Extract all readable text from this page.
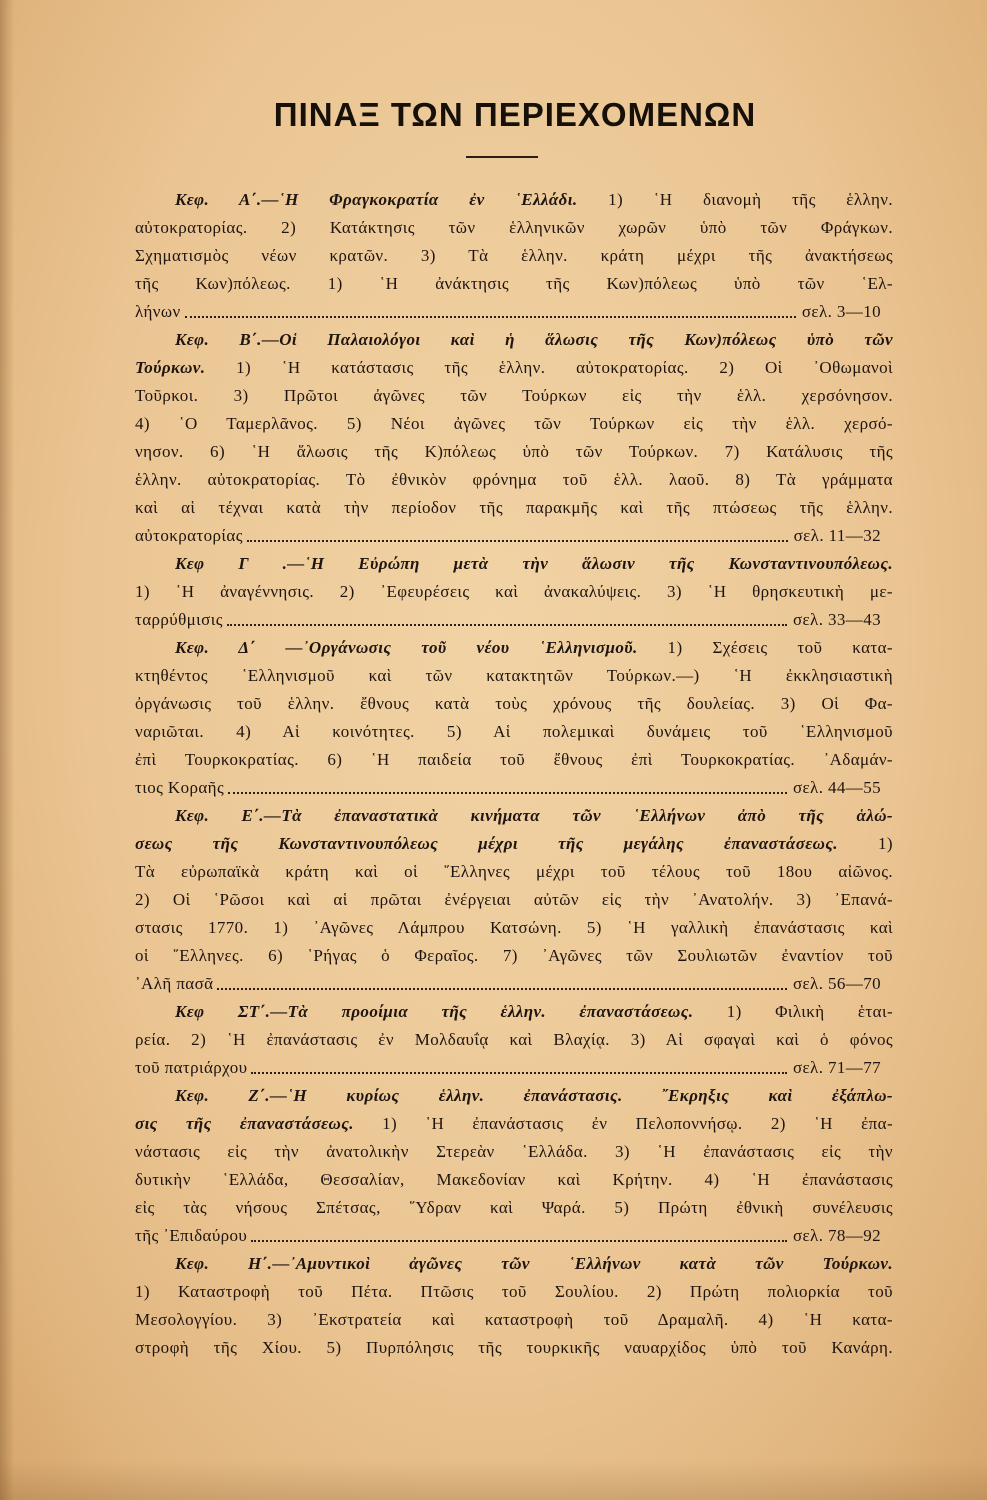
ΠΙΝΑΞ ΤΩΝ ΠΕΡΙΕΧΟΜΕΝΩΝ
Κεφ. Α΄.—῾Η Φραγκοκρατία ἐν ῾Ελλάδι. 1) ῾Η διανομὴ τῆς ἑλλην.
αὐτοκρατορίας. 2) Κατάκτησις τῶν ἑλληνικῶν χωρῶν ὑπὸ τῶν Φράγκων.
Σχηματισμὸς νέων κρατῶν. 3) Τὰ ἑλλην. κράτη μέχρι τῆς ἀνακτήσεως
τῆς Κων)πόλεως. 1) ῾Η ἀνάκτησις τῆς Κων)πόλεως ὑπὸ τῶν ῾Ελ-
λήνων	σελ. 3—10
Κεφ. Β΄.—Οἱ Παλαιολόγοι καὶ ἡ ἅλωσις τῆς Κων)πόλεως ὑπὸ τῶν
Τούρκων. 1) ῾Η κατάστασις τῆς ἑλλην. αὐτοκρατορίας. 2) Οἱ ᾿Οθωμανοὶ
Τοῦρκοι. 3) Πρῶτοι ἀγῶνες τῶν Τούρκων εἰς τὴν ἑλλ. χερσόνησον.
4) ῾Ο Ταμερλᾶνος. 5) Νέοι ἀγῶνες τῶν Τούρκων εἰς τὴν ἑλλ. χερσό-
νησον. 6) ῾Η ἅλωσις τῆς Κ)πόλεως ὑπὸ τῶν Τούρκων. 7) Κατάλυσις τῆς
ἑλλην. αὐτοκρατορίας. Τὸ ἐθνικὸν φρόνημα τοῦ ἑλλ. λαοῦ. 8) Τὰ γράμματα
καὶ αἱ τέχναι κατὰ τὴν περίοδον τῆς παρακμῆς καὶ τῆς πτώσεως τῆς ἑλλην.
αὐτοκρατορίας	σελ. 11—32
Κεφ Γ .—῾Η Εὐρώπη μετὰ τὴν ἅλωσιν τῆς Κωνσταντινουπόλεως.
1) ῾Η ἀναγέννησις. 2) ᾿Εφευρέσεις καὶ ἀνακαλύψεις. 3) ῾Η θρησκευτικὴ με-
ταρρύθμισις	σελ. 33—43
Κεφ. Δ΄ —᾿Οργάνωσις τοῦ νέου ῾Ελληνισμοῦ. 1) Σχέσεις τοῦ κατα-
κτηθέντος ῾Ελληνισμοῦ καὶ τῶν κατακτητῶν Τούρκων.—) ῾Η ἐκκλησιαστικὴ
ὀργάνωσις τοῦ ἑλλην. ἔθνους κατὰ τοὺς χρόνους τῆς δουλείας. 3) Οἱ Φα-
ναριῶται. 4) Αἱ κοινότητες. 5) Αἱ πολεμικαὶ δυνάμεις τοῦ ῾Ελληνισμοῦ
ἐπὶ Τουρκοκρατίας. 6) ῾Η παιδεία τοῦ ἔθνους ἐπὶ Τουρκοκρατίας. ᾿Αδαμάν-
τιος Κοραῆς	σελ. 44—55
Κεφ. Ε΄.—Τὰ ἐπαναστατικὰ κινήματα τῶν ῾Ελλήνων ἀπὸ τῆς ἁλώ-
σεως τῆς Κωνσταντινουπόλεως μέχρι τῆς μεγάλης ἐπαναστάσεως. 1)
Τὰ εὐρωπαϊκὰ κράτη καὶ οἱ ῞Ελληνες μέχρι τοῦ τέλους τοῦ 18ου αἰῶνος.
2) Οἱ ῾Ρῶσοι καὶ αἱ πρῶται ἐνέργειαι αὐτῶν εἰς τὴν ᾿Ανατολήν. 3) ᾿Επανά-
στασις 1770. 1) ᾿Αγῶνες Λάμπρου Κατσώνη. 5) ῾Η γαλλικὴ ἐπανάστασις καὶ
οἱ ῞Ελληνες. 6) ῾Ρήγας ὁ Φεραῖος. 7) ᾿Αγῶνες τῶν Σουλιωτῶν ἐναντίον τοῦ
᾿Αλῆ πασᾶ	σελ. 56—70
Κεφ ΣΤ΄.—Τὰ προοίμια τῆς ἑλλην. ἐπαναστάσεως. 1) Φιλικὴ ἑται-
ρεία. 2) ῾Η ἐπανάστασις ἐν Μολδαυΐᾳ καὶ Βλαχίᾳ. 3) Αἱ σφαγαὶ καὶ ὁ φόνος
τοῦ πατριάρχου	σελ. 71—77
Κεφ. Ζ΄.—῾Η κυρίως ἑλλην. ἐπανάστασις. ῎Εκρηξις καὶ ἐξάπλω-
σις τῆς ἐπαναστάσεως. 1) ῾Η ἐπανάστασις ἐν Πελοποννήσῳ. 2) ῾Η ἐπα-
νάστασις εἰς τὴν ἀνατολικὴν Στερεὰν ῾Ελλάδα. 3) ῾Η ἐπανάστασις εἰς τὴν
δυτικὴν ῾Ελλάδα, Θεσσαλίαν, Μακεδονίαν καὶ Κρήτην. 4) ῾Η ἐπανάστασις
εἰς τὰς νήσους Σπέτσας, ῞Υδραν καὶ Ψαρά. 5) Πρώτη ἐθνικὴ συνέλευσις
τῆς ᾿Επιδαύρου	σελ. 78—92
Κεφ. Η΄.—᾿Αμυντικοὶ ἀγῶνες τῶν ῾Ελλήνων κατὰ τῶν Τούρκων.
1) Καταστροφὴ τοῦ Πέτα. Πτῶσις τοῦ Σουλίου. 2) Πρώτη πολιορκία τοῦ
Μεσολογγίου. 3) ᾿Εκστρατεία καὶ καταστροφὴ τοῦ Δραμαλῆ. 4) ῾Η κατα-
στροφὴ τῆς Χίου. 5) Πυρπόλησις τῆς τουρκικῆς ναυαρχίδος ὑπὸ τοῦ Κανάρη.
